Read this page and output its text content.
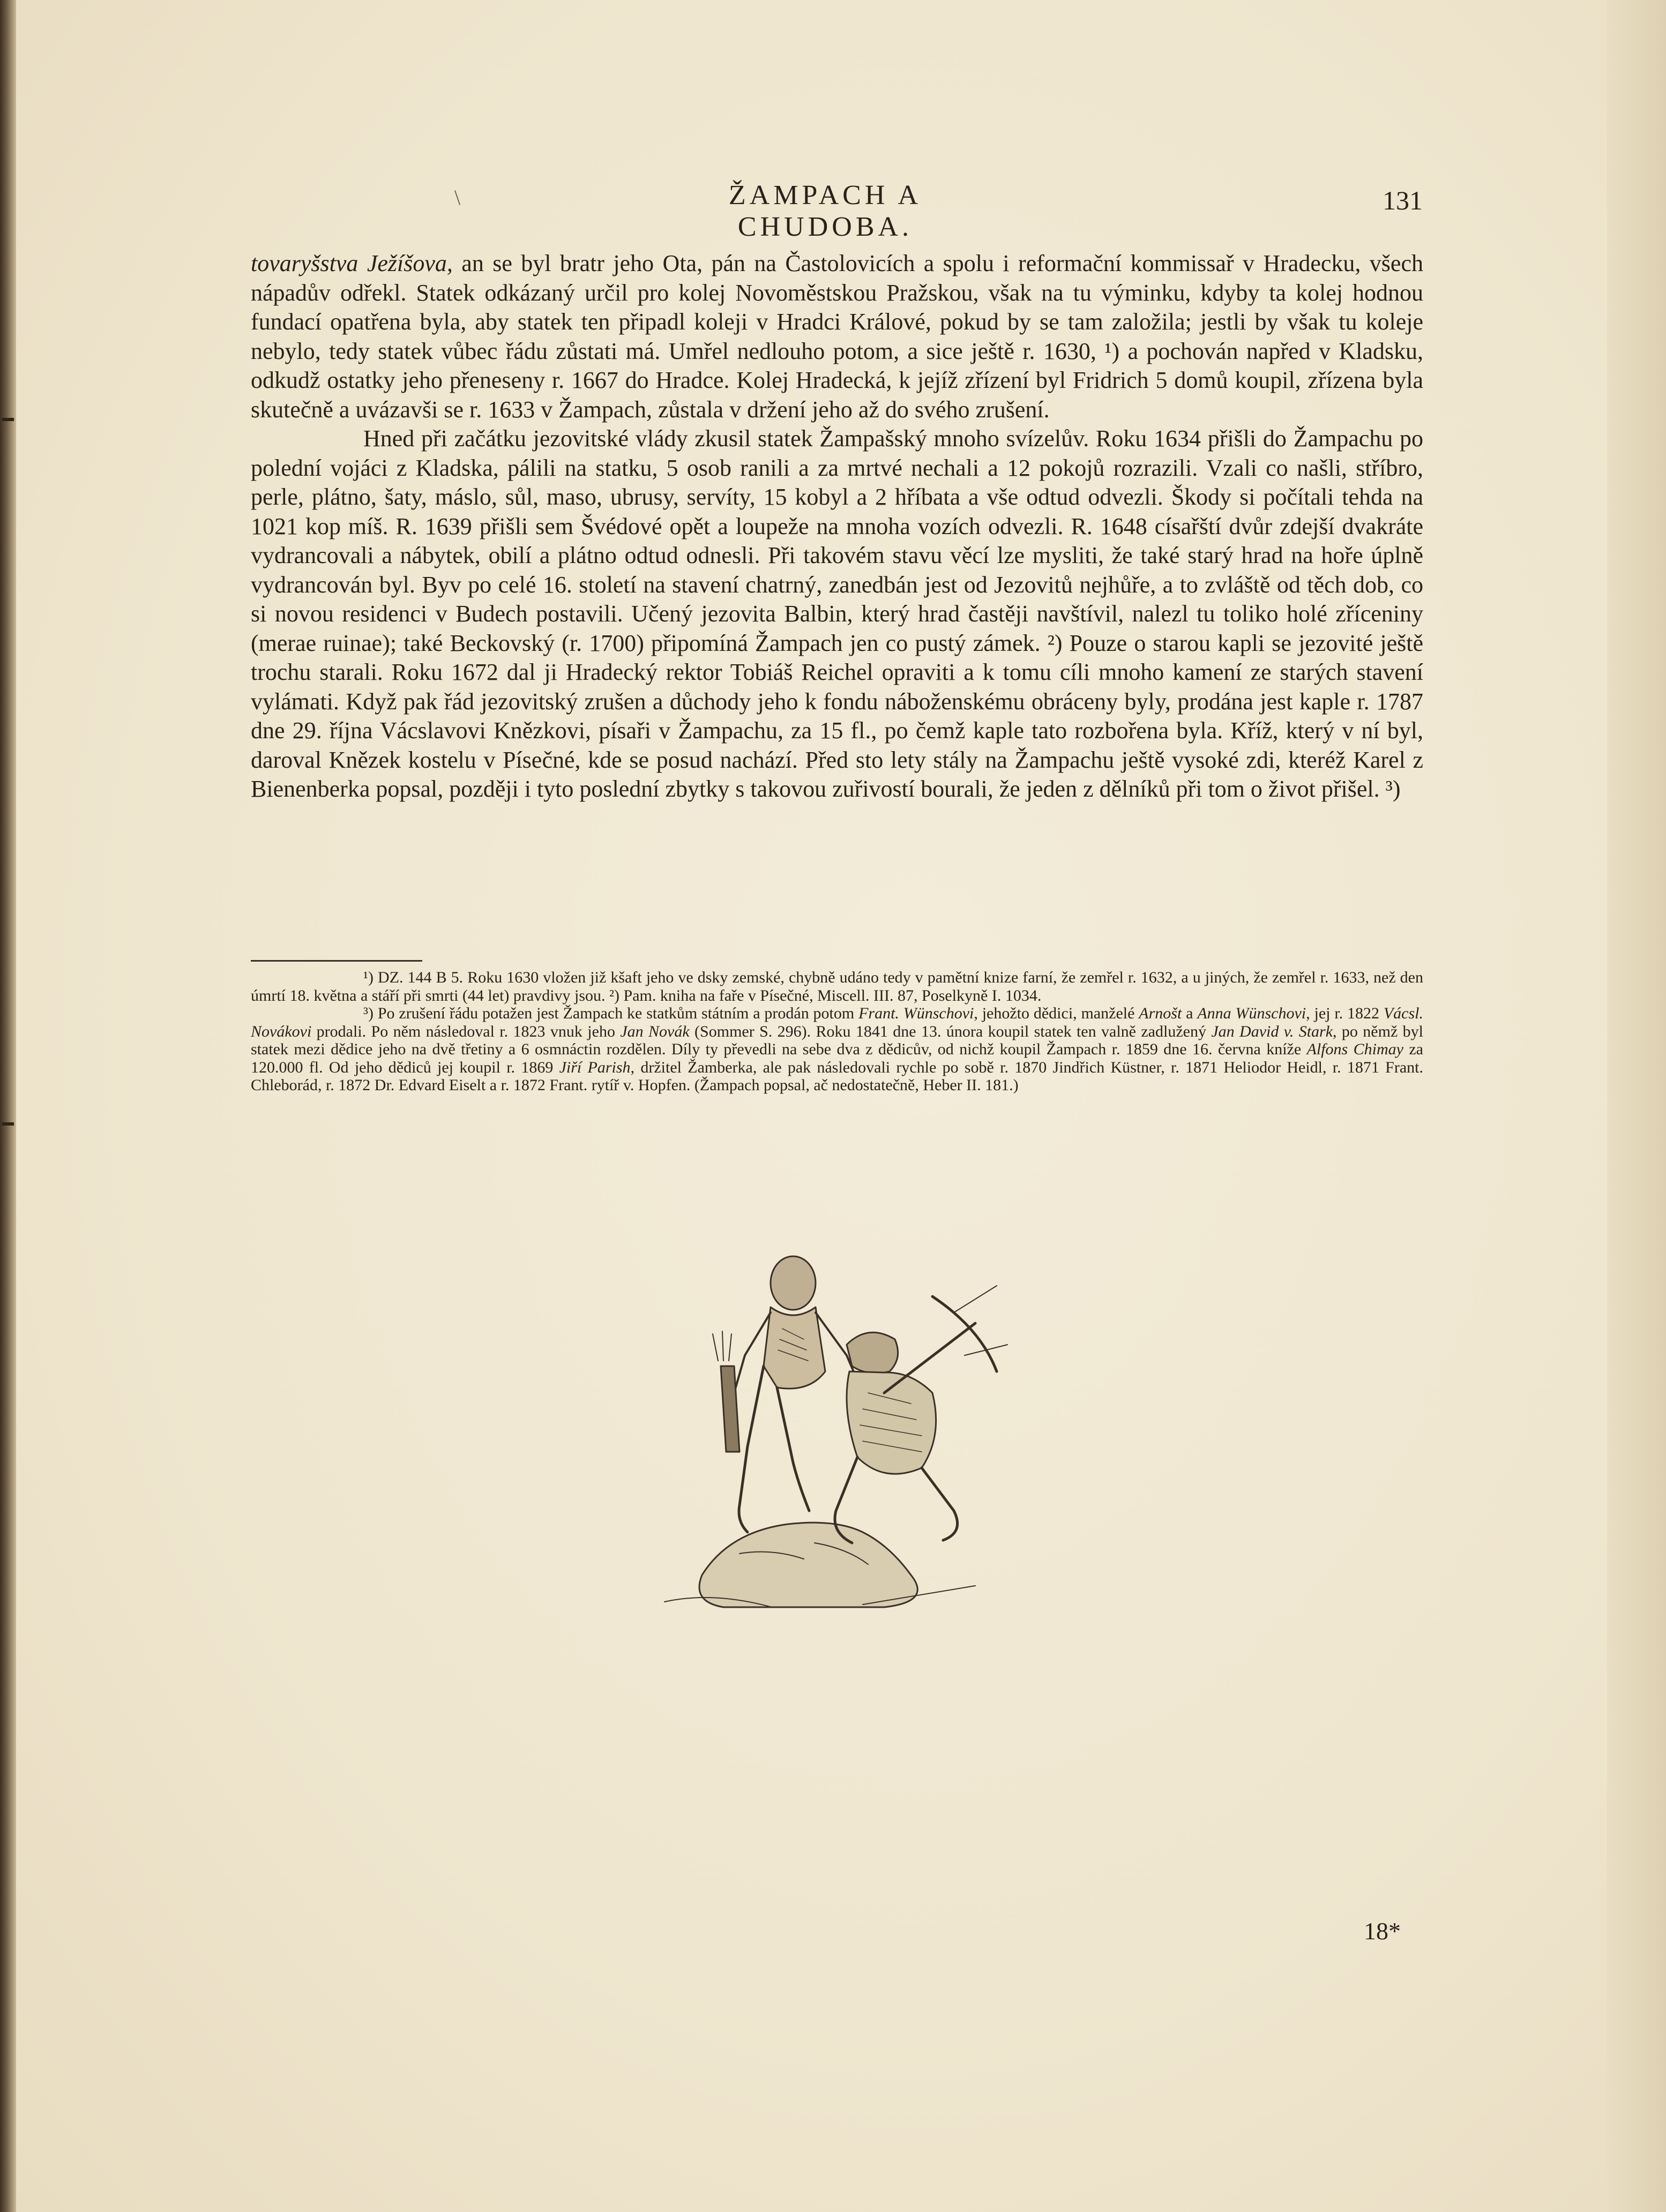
\	ŽAMPACH A CHUDOBA.
131

tovaryšstva Ježíšova, an se byl bratr jeho Ota, pán na Častolovicích a spolu i reformační kommissař v Hradecku, všech nápadův odřekl. Statek odkázaný určil pro kolej Novoměstskou Pražskou, však na tu výminku, kdyby ta kolej hodnou fundací opatřena byla, aby statek ten připadl koleji v Hradci Králové, pokud by se tam založila; jestli by však tu koleje nebylo, tedy statek vůbec řádu zůstati má. Umřel nedlouho potom, a sice ještě r. 1630, ¹) a pochován napřed v Kladsku, odkudž ostatky jeho přeneseny r. 1667 do Hradce. Kolej Hradecká, k jejíž zřízení byl Fridrich 5 domů koupil, zřízena byla skutečně a uvázavši se r. 1633 v Žampach, zůstala v držení jeho až do svého zrušení.

Hned při začátku jezovitské vlády zkusil statek Žampašský mnoho svízelův. Roku 1634 přišli do Žampachu po polední vojáci z Kladska, pálili na statku, 5 osob ranili a za mrtvé nechali a 12 pokojů rozrazili. Vzali co našli, stříbro, perle, plátno, šaty, máslo, sůl, maso, ubrusy, servíty, 15 kobyl a 2 hříbata a vše odtud odvezli. Škody si počítali tehda na 1021 kop míš. R. 1639 přišli sem Švédové opět a loupeže na mnoha vozích odvezli. R. 1648 císařští dvůr zdejší dvakráte vydrancovali a nábytek, obilí a plátno odtud odnesli. Při takovém stavu věcí lze mysliti, že také starý hrad na hoře úplně vydrancován byl. Byv po celé 16. století na stavení chatrný, zanedbán jest od Jezovitů nejhůře, a to zvláště od těch dob, co si novou residenci v Budech postavili. Učený jezovita Balbin, který hrad častěji navštívil, nalezl tu toliko holé zříceniny (merae ruinae); také Beckovský (r. 1700) připomíná Žampach jen co pustý zámek. ²) Pouze o starou kapli se jezovité ještě trochu starali. Roku 1672 dal ji Hradecký rektor Tobiáš Reichel opraviti a k tomu cíli mnoho kamení ze starých stavení vylámati. Když pak řád jezovitský zrušen a důchody jeho k fondu náboženskému obráceny byly, prodána jest kaple r. 1787 dne 29. října Vácslavovi Knězkovi, písaři v Žampachu, za 15 fl., po čemž kaple tato rozbořena byla. Kříž, který v ní byl, daroval Knězek kostelu v Písečné, kde se posud nachází. Před sto lety stály na Žampachu ještě vysoké zdi, kteréž Karel z Bienenberka popsal, později i tyto poslední zbytky s takovou zuřivostí bourali, že jeden z dělníků při tom o život přišel. ³)

¹) DZ. 144 B 5. Roku 1630 vložen již kšaft jeho ve dsky zemské, chybně udáno tedy v pamětní knize farní, že zemřel r. 1632, a u jiných, že zemřel r. 1633, než den úmrtí 18. května a stáří při smrti (44 let) pravdivy jsou. ²) Pam. kniha na faře v Písečné, Miscell. III. 87, Poselkyně I. 1034.

³) Po zrušení řádu potažen jest Žampach ke statkům státním a prodán potom Frant. Wünschovi, jehožto dědici, manželé Arnošt a Anna Wünschovi, jej r. 1822 Vácsl. Novákovi prodali. Po něm následoval r. 1823 vnuk jeho Jan Novák (Sommer S. 296). Roku 1841 dne 13. února koupil statek ten valně zadlužený Jan David v. Stark, po němž byl statek mezi dědice jeho na dvě třetiny a 6 osmnáctin rozdělen. Díly ty převedli na sebe dva z dědicův, od nichž koupil Žampach r. 1859 dne 16. června kníže Alfons Chimay za 120.000 fl. Od jeho dědiců jej koupil r. 1869 Jiří Parish, držitel Žamberka, ale pak následovali rychle po sobě r. 1870 Jindřich Küstner, r. 1871 Heliodor Heidl, r. 1871 Frant. Chleborád, r. 1872 Dr. Edvard Eiselt a r. 1872 Frant. rytíř v. Hopfen. (Žampach popsal, ač nedostatečně, Heber II. 181.)

18*
